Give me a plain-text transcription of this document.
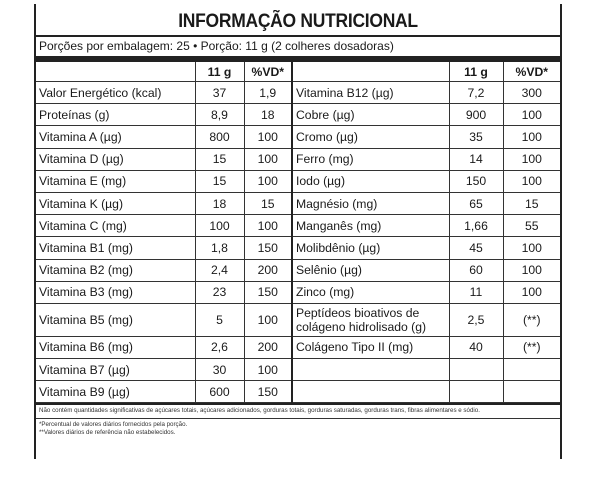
INFORMAÇÃO NUTRICIONAL
Porções por embalagem: 25 • Porção: 11 g (2 colheres dosadoras)
	11 g	%VD*		11 g	%VD*
Valor Energético (kcal)	37	1,9	Vitamina B12 (µg)	7,2	300
Proteínas (g)	8,9	18	Cobre (µg)	900	100
Vitamina A (µg)	800	100	Cromo (µg)	35	100
Vitamina D (µg)	15	100	Ferro (mg)	14	100
Vitamina E (mg)	15	100	Iodo (µg)	150	100
Vitamina K (µg)	18	15	Magnésio (mg)	65	15
Vitamina C (mg)	100	100	Manganês (mg)	1,66	55
Vitamina B1 (mg)	1,8	150	Molibdênio (µg)	45	100
Vitamina B2 (mg)	2,4	200	Selênio (µg)	60	100
Vitamina B3 (mg)	23	150	Zinco (mg)	11	100
Vitamina B5 (mg)	5	100	Peptídeos bioativos de colágeno hidrolisado (g)	2,5	(**)
Vitamina B6 (mg)	2,6	200	Colágeno Tipo II (mg)	40	(**)
Vitamina B7 (µg)	30	100			
Vitamina B9 (µg)	600	150			

Não contém quantidades significativas de açúcares totais, açúcares adicionados, gorduras totais, gorduras saturadas, gorduras trans, fibras alimentares e sódio.

*Percentual de valores diários fornecidos pela porção.

**Valores diários de referência não estabelecidos.
